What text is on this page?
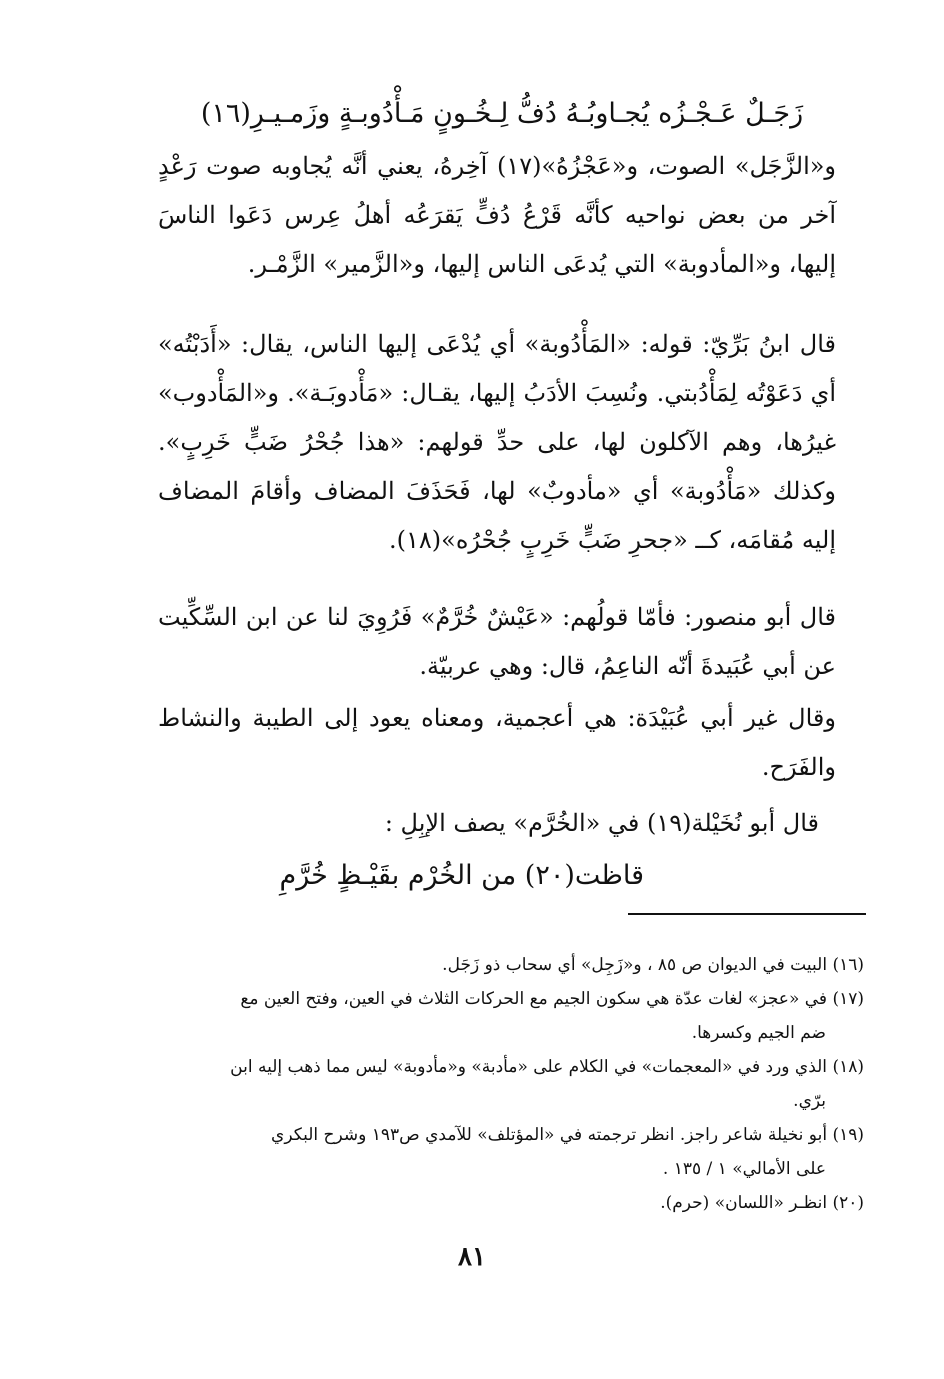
زَجَـلٌ عَـجْـزُه يُجـاوبُـهُ دُفُّ لِـخُـونٍ مَـأْدُوبـةٍ وزَمـيـرِ(١٦)
و«الزَّجَل» الصوت، و«عَجْزُهُ»(١٧) آخِرهُ، يعني أنَّه يُجاوبه صوت رَعْدٍ آخر من بعض نواحيه كأنَّه قَرْعُ دُفٍّ يَقرَعُه أهلُ عِرس دَعَوا الناسَ إليها، و«المأدوبة» التي يُدعَى الناس إليها، و«الزَّمير» الزَّمْـر.
قال ابنُ بَرِّيّ: قوله: «المَأْدُوبة» أي يُدْعَى إليها الناس، يقال: «أَدَبْتُه» أي دَعَوْتُه لِمَأْدُبتي. ونُسِبَ الأدَبُ إليها، يقـال: «مَأْدوبَـة». و«المَأْدوب» غيرُها، وهم الآكلون لها، على حدِّ قولهم: «هذا جُحْرُ ضَبٍّ خَرِبٍ». وكذلك «مَأْدُوبة» أي «مأدوبٌ» لها، فَحَذَفَ المضاف وأقامَ المضاف إليه مُقامَه، كــ «جحرِ ضَبٍّ خَرِبٍ جُحْرُه»(١٨).
قال أبو منصور: فأمّا قولُهم: «عَيْشٌ خُرَّمٌ» فَرُوِيَ لنا عن ابن السِّكِّيت عن أبي عُبَيدةَ أنّه الناعِمُ، قال: وهي عربيّة.
وقال غير أبي عُبَيْدَة: هي أعجمية، ومعناه يعود إلى الطيبة والنشاط والفَرَح.
قال أبو نُخَيْلة(١٩) في «الخُرَّم» يصف الإبِلِ :
قاظت(٢٠) من الخُرْم بقَيْـظٍ خُرَّمِ

(١٦) البيت في الديوان ص ٨٥ ، و«زَجِل» أي سحاب ذو زَجَل.

(١٧) في «عجز» لغات عدّة هي سكون الجيم مع الحركات الثلاث في العين، وفتح العين مع

ضم الجيم وكسرها.

(١٨) الذي ورد في «المعجمات» في الكلام على «مأدبة» و«مأدوبة» ليس مما ذهب إليه ابن

برّي.

(١٩) أبو نخيلة شاعر راجز. انظر ترجمته في «المؤتلف» للآمدي ص١٩٣ وشرح البكري

على الأمالي» ١ / ١٣٥ .

(٢٠) انظـر «اللسان» (حرم).

٨١
